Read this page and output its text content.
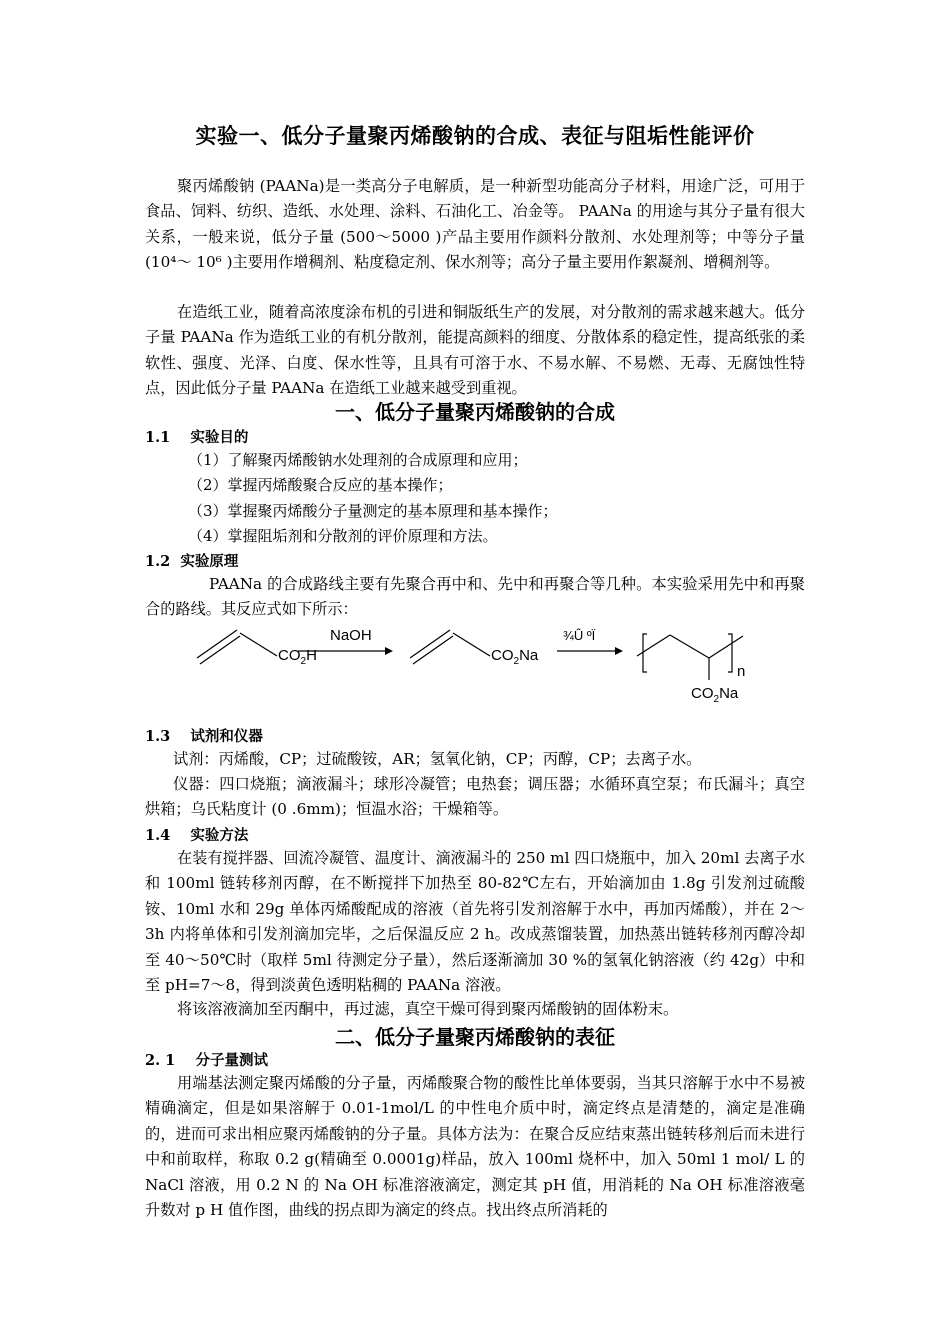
实验一、低分子量聚丙烯酸钠的合成、表征与阻垢性能评价

聚丙烯酸钠 (PAANa)是一类高分子电解质，是一种新型功能高分子材料，用途广泛，可用于食品、饲料、纺织、造纸、水处理、涂料、石油化工、冶金等。 PAANa 的用途与其分子量有很大关系，一般来说，低分子量 (500～5000 )产品主要用作颜料分散剂、水处理剂等；中等分子量 (10⁴～ 10⁶ )主要用作增稠剂、粘度稳定剂、保水剂等；高分子量主要用作絮凝剂、增稠剂等。

在造纸工业，随着高浓度涂布机的引进和铜版纸生产的发展，对分散剂的需求越来越大。低分子量 PAANa 作为造纸工业的有机分散剂，能提高颜料的细度、分散体系的稳定性，提高纸张的柔软性、强度、光泽、白度、保水性等，且具有可溶于水、不易水解、不易燃、无毒、无腐蚀性特点，因此低分子量 PAANa 在造纸工业越来越受到重视。

一、低分子量聚丙烯酸钠的合成
1.1    实验目的
（1）了解聚丙烯酸钠水处理剂的合成原理和应用；
（2）掌握丙烯酸聚合反应的基本操作；
（3）掌握聚丙烯酸分子量测定的基本原理和基本操作；
（4）掌握阻垢剂和分散剂的评价原理和方法。
1.2  实验原理

PAANa 的合成路线主要有先聚合再中和、先中和再聚合等几种。本实验采用先中和再聚合的路线。其反应式如下所示：

$CO_2H$
NaOH
$CO_2Na$
¾Û ºÏ
n
$CO_2Na$
1.3    试剂和仪器

试剂：丙烯酸，CP；过硫酸铵，AR；氢氧化钠，CP；丙醇，CP；去离子水。

仪器：四口烧瓶；滴液漏斗；球形冷凝管；电热套；调压器；水循环真空泵；布氏漏斗；真空烘箱；乌氏粘度计 (0 .6mm)；恒温水浴；干燥箱等。

1.4    实验方法

在装有搅拌器、回流冷凝管、温度计、滴液漏斗的 250 ml 四口烧瓶中，加入 20ml 去离子水和 100ml 链转移剂丙醇，在不断搅拌下加热至 80-82℃左右，开始滴加由 1.8g 引发剂过硫酸铵、10ml 水和 29g 单体丙烯酸配成的溶液（首先将引发剂溶解于水中，再加丙烯酸），并在 2～3h 内将单体和引发剂滴加完毕，之后保温反应 2 h。改成蒸馏装置，加热蒸出链转移剂丙醇冷却至 40～50℃时（取样 5ml 待测定分子量），然后逐渐滴加 30 %的氢氧化钠溶液（约 42g）中和至 pH=7～8，得到淡黄色透明粘稠的 PAANa 溶液。

将该溶液滴加至丙酮中，再过滤，真空干燥可得到聚丙烯酸钠的固体粉末。

二、低分子量聚丙烯酸钠的表征
2. 1    分子量测试

用端基法测定聚丙烯酸的分子量，丙烯酸聚合物的酸性比单体要弱，当其只溶解于水中不易被精确滴定，但是如果溶解于 0.01-1mol/L 的中性电介质中时，滴定终点是清楚的，滴定是准确的，进而可求出相应聚丙烯酸钠的分子量。具体方法为：在聚合反应结束蒸出链转移剂后而未进行中和前取样，称取 0.2 g(精确至 0.0001g)样品，放入 100ml 烧杯中，加入 50ml 1 mol/ L 的 NaCl 溶液，用 0.2 N 的 Na OH 标准溶液滴定，测定其 pH 值，用消耗的 Na OH 标准溶液毫升数对 p H 值作图，曲线的拐点即为滴定的终点。找出终点所消耗的
